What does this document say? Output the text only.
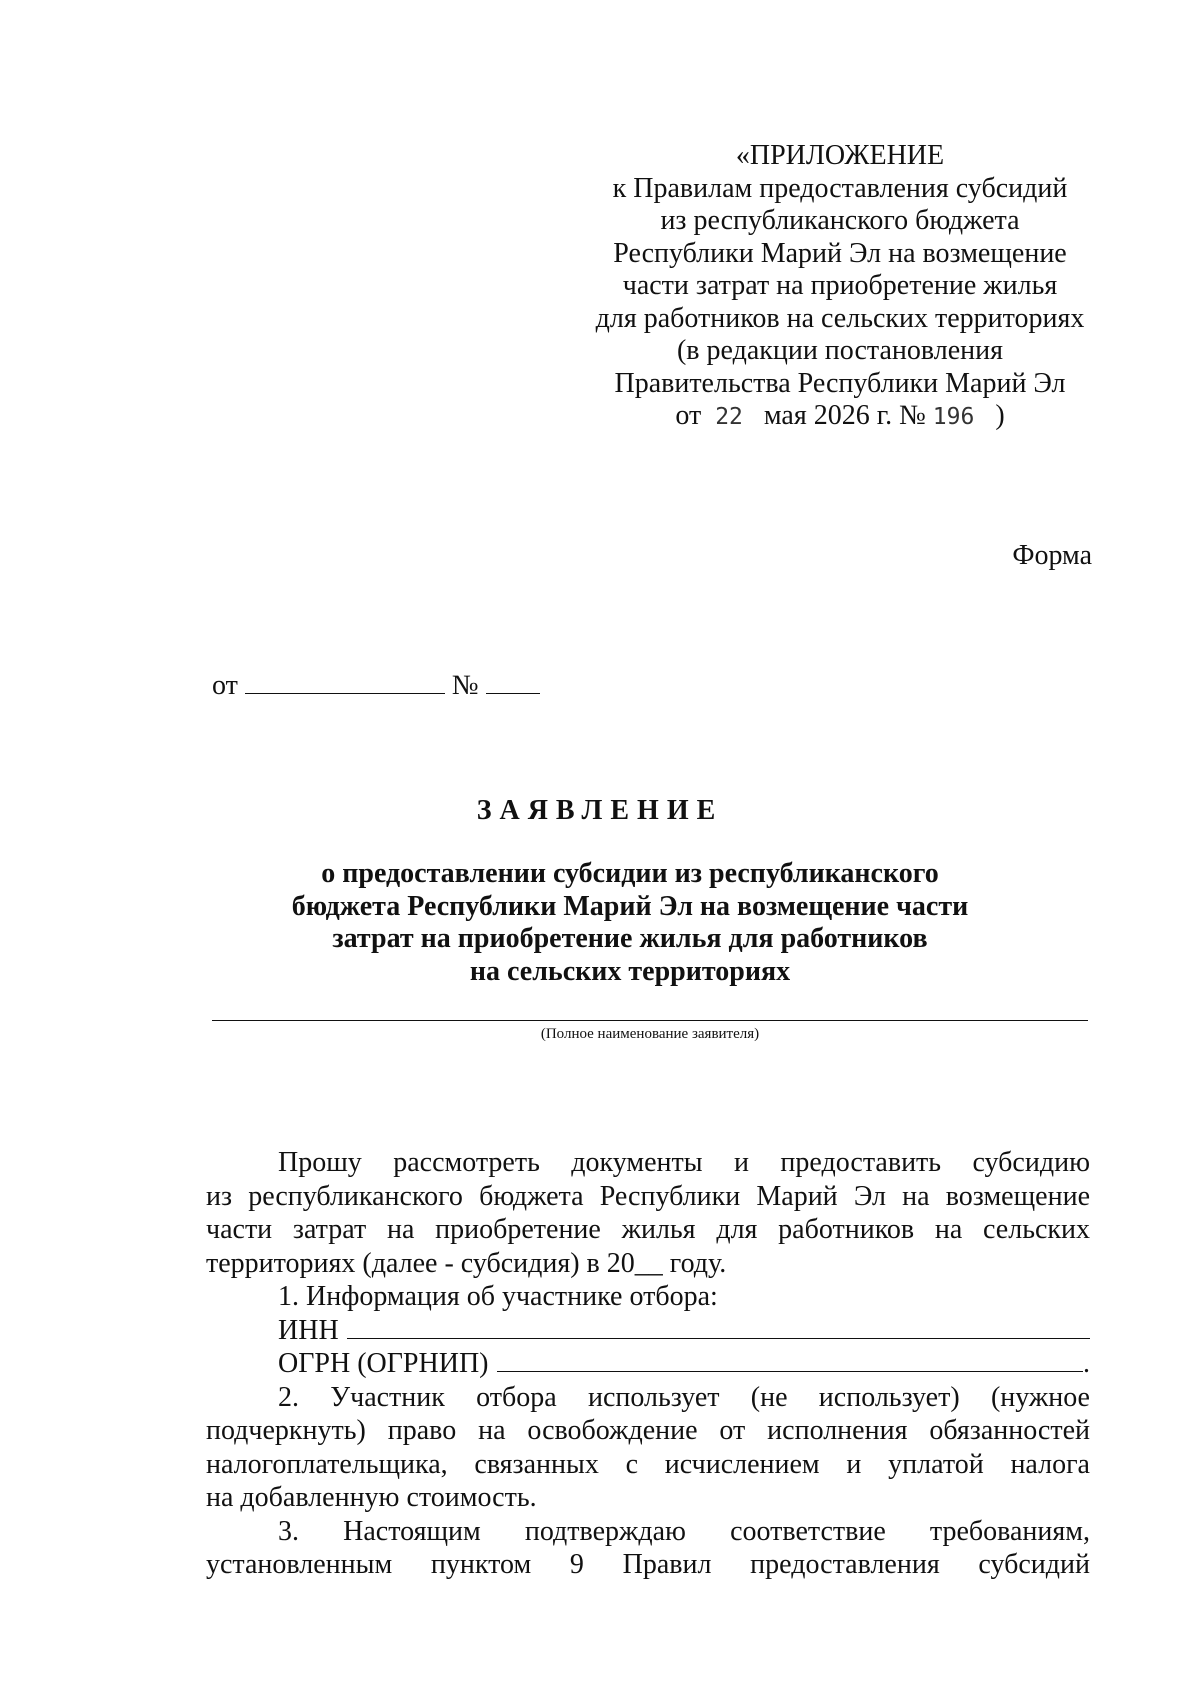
«ПРИЛОЖЕНИЕ
к Правилам предоставления субсидий
из республиканского бюджета
Республики Марий Эл на возмещение
части затрат на приобретение жилья
для работников на сельских территориях
(в редакции постановления
Правительства Республики Марий Эл
от 22 мая 2026 г. № 196 )
Форма
от	№
ЗАЯВЛЕНИЕ
о предоставлении субсидии из республиканского
бюджета Республики Марий Эл на возмещение части
затрат на приобретение жилья для работников
на сельских территориях
(Полное наименование заявителя)
Прошу рассмотреть документы и предоставить субсидию
из республиканского бюджета Республики Марий Эл на возмещение
части затрат на приобретение жилья для работников на сельских
территориях (далее - субсидия) в 20__ году.
1. Информация об участнике отбора:
ИНН
ОГРН (ОГРНИП)	.
2. Участник отбора использует (не использует) (нужное
подчеркнуть) право на освобождение от исполнения обязанностей
налогоплательщика, связанных с исчислением и уплатой налога
на добавленную стоимость.
3. Настоящим подтверждаю соответствие требованиям,
установленным пунктом 9 Правил предоставления субсидий
